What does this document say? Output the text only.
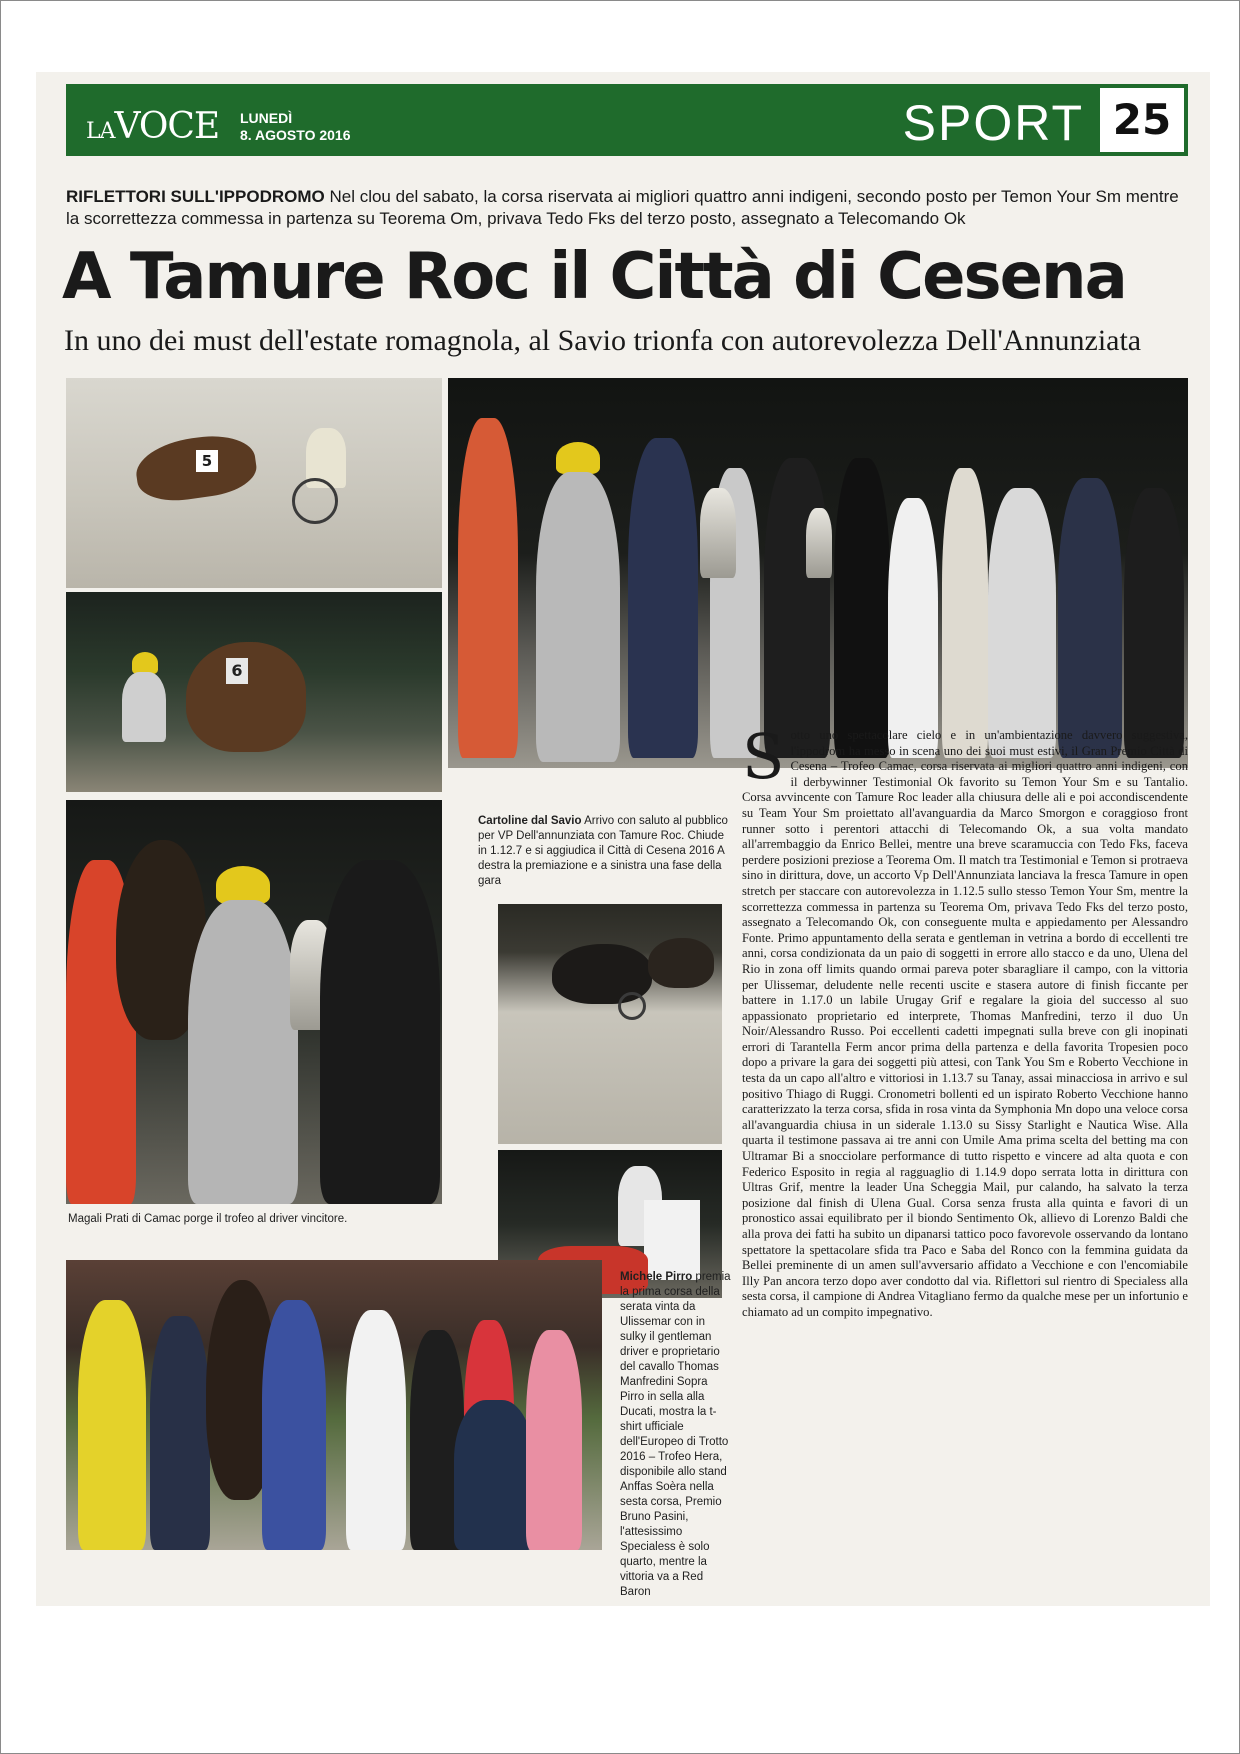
LAVOCE LUNEDÌ
8. AGOSTO 2016	SPORT 25
RIFLETTORI SULL'IPPODROMO Nel clou del sabato, la corsa riservata ai migliori quattro anni indigeni, secondo posto per Temon Your Sm mentre la scorrettezza commessa in partenza su Teorema Om, privava Tedo Fks del terzo posto, assegnato a Telecomando Ok
A Tamure Roc il Città di Cesena
In uno dei must dell'estate romagnola, al Savio trionfa con autorevolezza Dell'Annunziata
5
6
Cartoline dal Savio Arrivo con saluto al pubblico per VP Dell'annunziata con Tamure Roc. Chiude in 1.12.7 e si aggiudica il Città di Cesena 2016 A destra la premiazione e a sinistra una fase della gara
Magali Prati di Camac porge il trofeo al driver vincitore.
Michele Pirro premia la prima corsa della serata vinta da Ulissemar con in sulky il gentleman driver e proprietario del cavallo Thomas Manfredini Sopra Pirro in sella alla Ducati, mostra la t-shirt ufficiale dell'Europeo di Trotto 2016 – Trofeo Hera, disponibile allo stand Anffas Soèra nella sesta corsa, Premio Bruno Pasini, l'attesissimo Specialess è solo quarto, mentre la vittoria va a Red Baron
S otto uno spettacolare cielo e in un'ambientazione davvero suggestiva, l'ippodrom ha messo in scena uno dei suoi must estivi, il Gran Premio Città di Cesena – Trofeo Camac, corsa riservata ai migliori quattro anni indigeni, con il derbywinner Testimonial Ok favorito su Temon Your Sm e su Tantalio. Corsa avvincente con Tamure Roc leader alla chiusura delle ali e poi accondiscendente su Team Your Sm proiettato all'avanguardia da Marco Smorgon e coraggioso front runner sotto i perentori attacchi di Telecomando Ok, a sua volta mandato all'arrembaggio da Enrico Bellei, mentre una breve scaramuccia con Tedo Fks, faceva perdere posizioni preziose a Teorema Om. Il match tra Testimonial e Temon si protraeva sino in dirittura, dove, un accorto Vp Dell'Annunziata lanciava la fresca Tamure in open stretch per staccare con autorevolezza in 1.12.5 sullo stesso Temon Your Sm, mentre la scorrettezza commessa in partenza su Teorema Om, privava Tedo Fks del terzo posto, assegnato a Telecomando Ok, con conseguente multa e appiedamento per Alessandro Fonte. Primo appuntamento della serata e gentleman in vetrina a bordo di eccellenti tre anni, corsa condizionata da un paio di soggetti in errore allo stacco e da uno, Ulena del Rio in zona off limits quando ormai pareva poter sbaragliare il campo, con la vittoria per Ulissemar, deludente nelle recenti uscite e stasera autore di finish ficcante per battere in 1.17.0 un labile Urugay Grif e regalare la gioia del successo al suo appassionato proprietario ed interprete, Thomas Manfredini, terzo il duo Un Noir/Alessandro Russo. Poi eccellenti cadetti impegnati sulla breve con gli inopinati errori di Tarantella Ferm ancor prima della partenza e della favorita Tropesien poco dopo a privare la gara dei soggetti più attesi, con Tank You Sm e Roberto Vecchione in testa da un capo all'altro e vittoriosi in 1.13.7 su Tanay, assai minacciosa in arrivo e sul positivo Thiago di Ruggi. Cronometri bollenti ed un ispirato Roberto Vecchione hanno caratterizzato la terza corsa, sfida in rosa vinta da Symphonia Mn dopo una veloce corsa all'avanguardia chiusa in un siderale 1.13.0 su Sissy Starlight e Nautica Wise. Alla quarta il testimone passava ai tre anni con Umile Ama prima scelta del betting ma con Ultramar Bi a snocciolare performance di tutto rispetto e vincere ad alta quota e con Federico Esposito in regia al ragguaglio di 1.14.9 dopo serrata lotta in dirittura con Ultras Grif, mentre la leader Una Scheggia Mail, pur calando, ha salvato la terza posizione dal finish di Ulena Gual. Corsa senza frusta alla quinta e favori di un pronostico assai equilibrato per il biondo Sentimento Ok, allievo di Lorenzo Baldi che alla prova dei fatti ha subito un dipanarsi tattico poco favorevole osservando da lontano spettatore la spettacolare sfida tra Paco e Saba del Ronco con la femmina guidata da Bellei preminente di un amen sull'avversario affidato a Vecchione e con l'encomiabile Illy Pan ancora terzo dopo aver condotto dal via. Riflettori sul rientro di Specialess alla sesta corsa, il campione di Andrea Vitagliano fermo da qualche mese per un infortunio e chiamato ad un compito impegnativo.
